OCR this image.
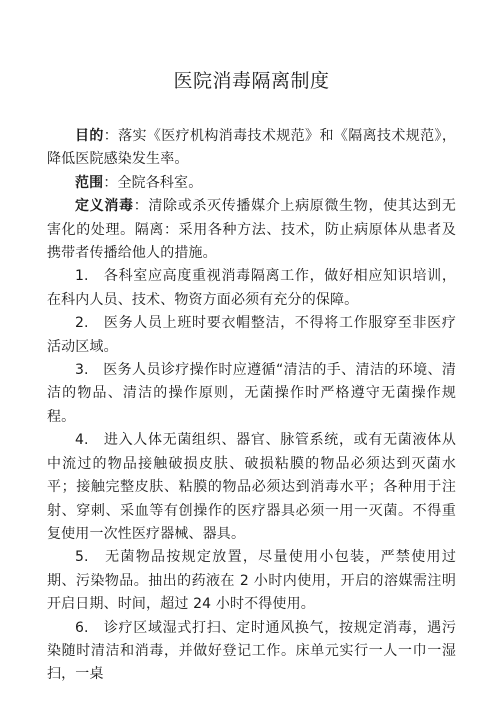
医院消毒隔离制度

目的：落实《医疗机构消毒技术规范》和《隔离技术规范》，降低医院感染发生率。

范围：全院各科室。

定义消毒：清除或杀灭传播媒介上病原微生物，使其达到无害化的处理。隔离：采用各种方法、技术，防止病原体从患者及携带者传播给他人的措施。

1.　各科室应高度重视消毒隔离工作，做好相应知识培训，在科内人员、技术、物资方面必须有充分的保障。

2.　医务人员上班时要衣帽整洁，不得将工作服穿至非医疗活动区域。

3.　医务人员诊疗操作时应遵循“清洁的手、清洁的环境、清洁的物品、清洁的操作原则，无菌操作时严格遵守无菌操作规程。

4.　进入人体无菌组织、器官、脉管系统，或有无菌液体从中流过的物品接触破损皮肤、破损粘膜的物品必须达到灭菌水平；接触完整皮肤、粘膜的物品必须达到消毒水平；各种用于注射、穿刺、采血等有创操作的医疗器具必须一用一灭菌。不得重复使用一次性医疗器械、器具。

5.　无菌物品按规定放置，尽量使用小包装，严禁使用过期、污染物品。抽出的药液在 2 小时内使用，开启的溶媒需注明开启日期、时间，超过 24 小时不得使用。

6.　诊疗区域湿式打扫、定时通风换气，按规定消毒，遇污染随时清洁和消毒，并做好登记工作。床单元实行一人一巾一湿扫，一桌
